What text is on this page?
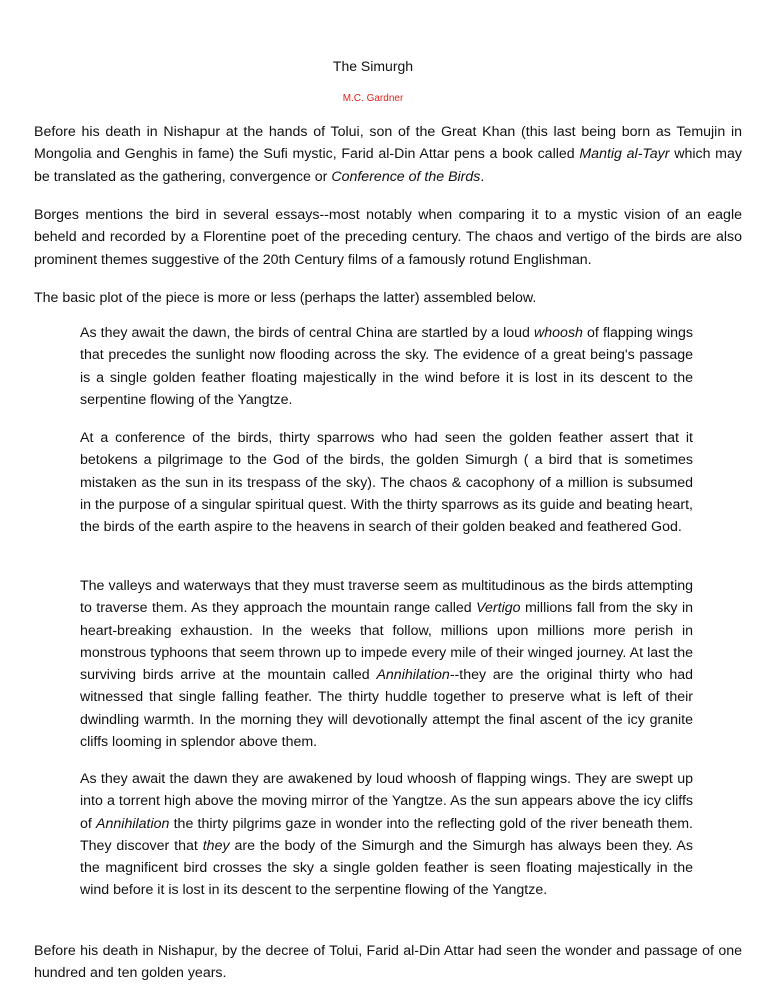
The Simurgh
M.C. Gardner

Before his death in Nishapur at the hands of Tolui, son of the Great Khan (this last being born as Temujin in Mongolia and Genghis in fame) the Sufi mystic, Farid al-Din Attar pens a book called Mantig al-Tayr which may be translated as the gathering, convergence or Conference of the Birds.

Borges mentions the bird in several essays--most notably when comparing it to a mystic vision of an eagle beheld and recorded by a Florentine poet of the preceding century. The chaos and vertigo of the birds are also prominent themes suggestive of the 20th Century films of a famously rotund Englishman.

The basic plot of the piece is more or less (perhaps the latter) assembled below.

As they await the dawn, the birds of central China are startled by a loud whoosh of flapping wings that precedes the sunlight now flooding across the sky. The evidence of a great being's passage is a single golden feather floating majestically in the wind before it is lost in its descent to the serpentine flowing of the Yangtze.

At a conference of the birds, thirty sparrows who had seen the golden feather assert that it betokens a pilgrimage to the God of the birds, the golden Simurgh ( a bird that is sometimes mistaken as the sun in its trespass of the sky). The chaos & cacophony of a million is subsumed in the purpose of a singular spiritual quest. With the thirty sparrows as its guide and beating heart, the birds of the earth aspire to the heavens in search of their golden beaked and feathered God.

The valleys and waterways that they must traverse seem as multitudinous as the birds attempting to traverse them. As they approach the mountain range called Vertigo millions fall from the sky in heart-breaking exhaustion. In the weeks that follow, millions upon millions more perish in monstrous typhoons that seem thrown up to impede every mile of their winged journey. At last the surviving birds arrive at the mountain called Annihilation--they are the original thirty who had witnessed that single falling feather. The thirty huddle together to preserve what is left of their dwindling warmth. In the morning they will devotionally attempt the final ascent of the icy granite cliffs looming in splendor above them.

As they await the dawn they are awakened by loud whoosh of flapping wings. They are swept up into a torrent high above the moving mirror of the Yangtze. As the sun appears above the icy cliffs of Annihilation the thirty pilgrims gaze in wonder into the reflecting gold of the river beneath them. They discover that they are the body of the Simurgh and the Simurgh has always been they. As the magnificent bird crosses the sky a single golden feather is seen floating majestically in the wind before it is lost in its descent to the serpentine flowing of the Yangtze.

Before his death in Nishapur, by the decree of Tolui, Farid al-Din Attar had seen the wonder and passage of one hundred and ten golden years.
